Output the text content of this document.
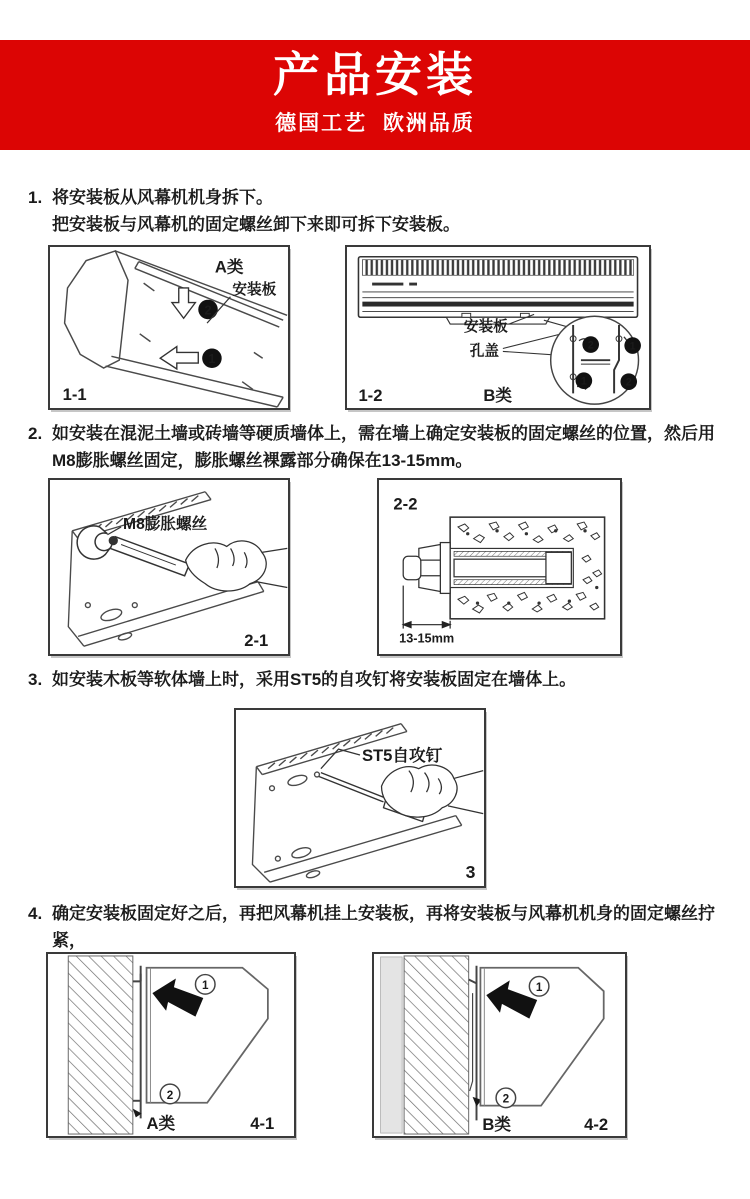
产品安装
德国工艺  欧洲品质
1. 将安装板从风幕机机身拆下。
把安装板与风幕机的固定螺丝卸下来即可拆下安装板。
2
1
A类
安装板
1-1
2
1
1
2
安装板
孔盖
1-2	B类
2. 如安装在混泥土墙或砖墙等硬质墙体上，需在墙上确定安装板的固定螺丝的位置，然后用
M8膨胀螺丝固定，膨胀螺丝裸露部分确保在13-15mm。
M8膨胀螺丝
2-1
2-2
13-15mm
3. 如安装木板等软体墙上时，采用ST5的自攻钉将安装板固定在墙体上。
ST5自攻钉
3
4. 确定安装板固定好之后，再把风幕机挂上安装板，再将安装板与风幕机机身的固定螺丝拧紧，
1
2
A类	4-1
1
2
B类	4-2
